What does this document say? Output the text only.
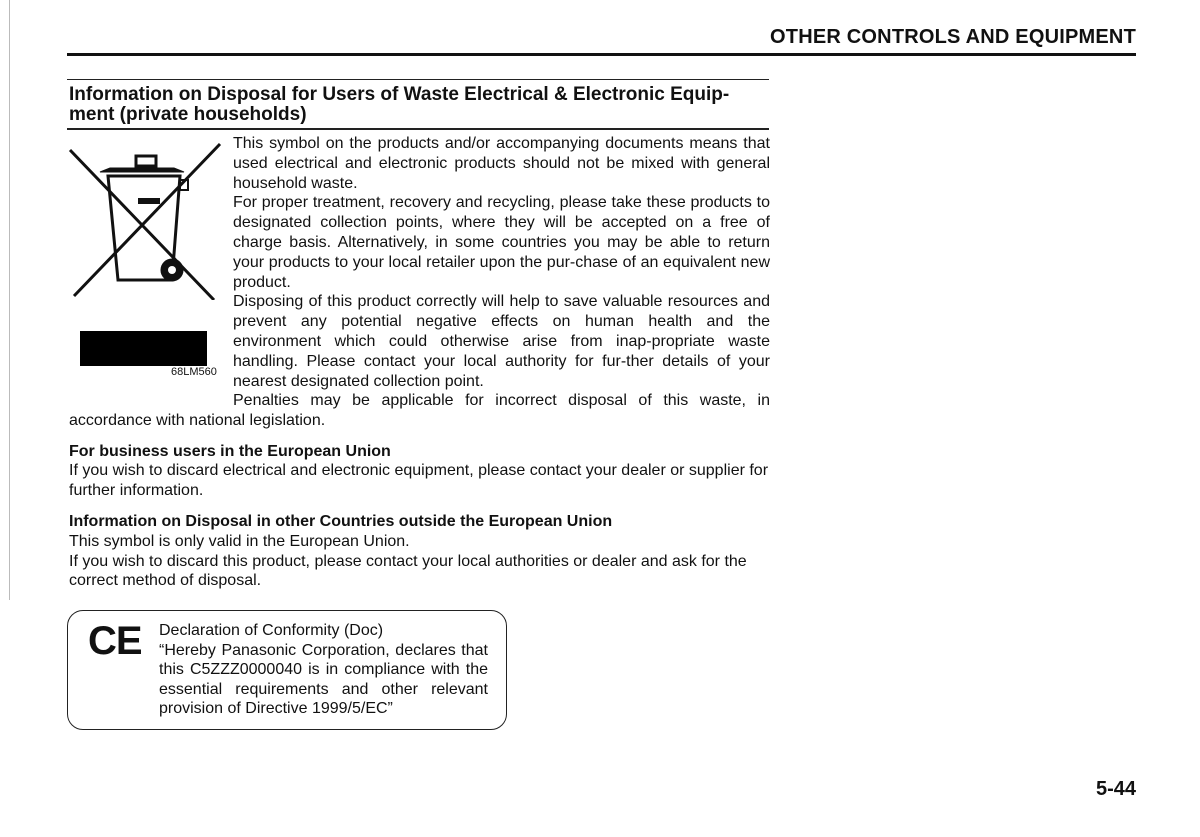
OTHER CONTROLS AND EQUIPMENT
Information on Disposal for Users of Waste Electrical & Electronic Equip-ment (private households)
68LM560

This symbol on the products and/or accompanying documents means that used electrical and electronic products should not be mixed with general household waste.

For proper treatment, recovery and recycling, please take these products to designated collection points, where they will be accepted on a free of charge basis. Alternatively, in some countries you may be able to return your products to your local retailer upon the pur-chase of an equivalent new product.

Disposing of this product correctly will help to save valuable resources and prevent any potential negative effects on human health and the environment which could otherwise arise from inap-propriate waste handling. Please contact your local authority for fur-ther details of your nearest designated collection point.

Penalties may be applicable for incorrect disposal of this waste, in

accordance with national legislation.

For business users in the European Union

If you wish to discard electrical and electronic equipment, please contact your dealer or supplier for further information.

Information on Disposal in other Countries outside the European Union

This symbol is only valid in the European Union.

If you wish to discard this product, please contact your local authorities or dealer and ask for the correct method of disposal.

CE Declaration of Conformity (Doc)

“Hereby Panasonic Corporation, declares that this C5ZZZ0000040 is in compliance with the essential requirements and other relevant provision of Directive 1999/5/EC”

5-44
